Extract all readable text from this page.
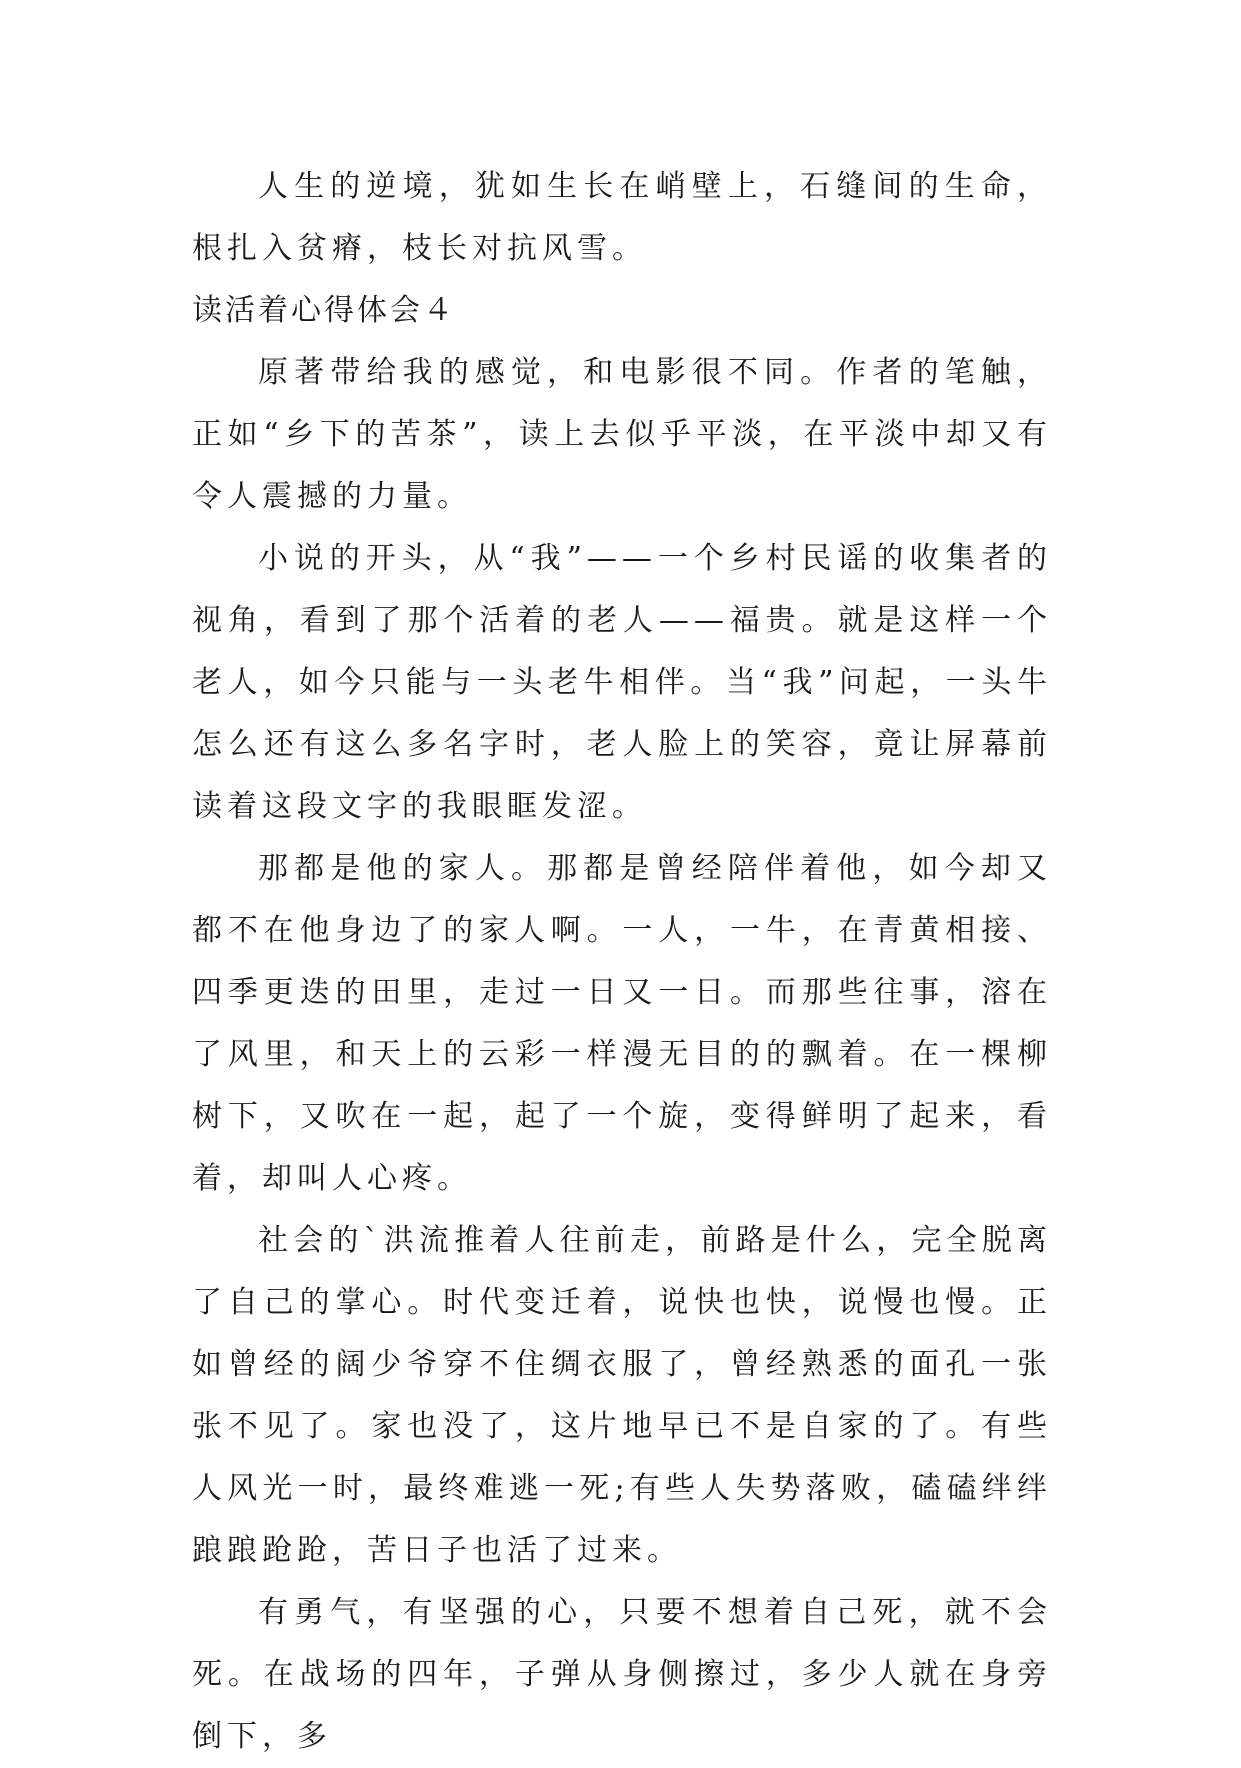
人生的逆境，犹如生长在峭壁上，石缝间的生命，根扎入贫瘠，枝长对抗风雪。

读活着心得体会４

原著带给我的感觉，和电影很不同。作者的笔触，正如“乡下的苦茶”，读上去似乎平淡，在平淡中却又有令人震撼的力量。

小说的开头，从“我”——一个乡村民谣的收集者的视角，看到了那个活着的老人——福贵。就是这样一个老人，如今只能与一头老牛相伴。当“我”问起，一头牛怎么还有这么多名字时，老人脸上的笑容，竟让屏幕前读着这段文字的我眼眶发涩。

那都是他的家人。那都是曾经陪伴着他，如今却又都不在他身边了的家人啊。一人，一牛，在青黄相接、四季更迭的田里，走过一日又一日。而那些往事，溶在了风里，和天上的云彩一样漫无目的的飘着。在一棵柳树下，又吹在一起，起了一个旋，变得鲜明了起来，看着，却叫人心疼。

社会的`洪流推着人往前走，前路是什么，完全脱离了自己的掌心。时代变迁着，说快也快，说慢也慢。正如曾经的阔少爷穿不住绸衣服了，曾经熟悉的面孔一张张不见了。家也没了，这片地早已不是自家的了。有些人风光一时，最终难逃一死;有些人失势落败，磕磕绊绊踉踉跄跄，苦日子也活了过来。

有勇气，有坚强的心，只要不想着自己死，就不会死。在战场的四年，子弹从身侧擦过，多少人就在身旁倒下，多
